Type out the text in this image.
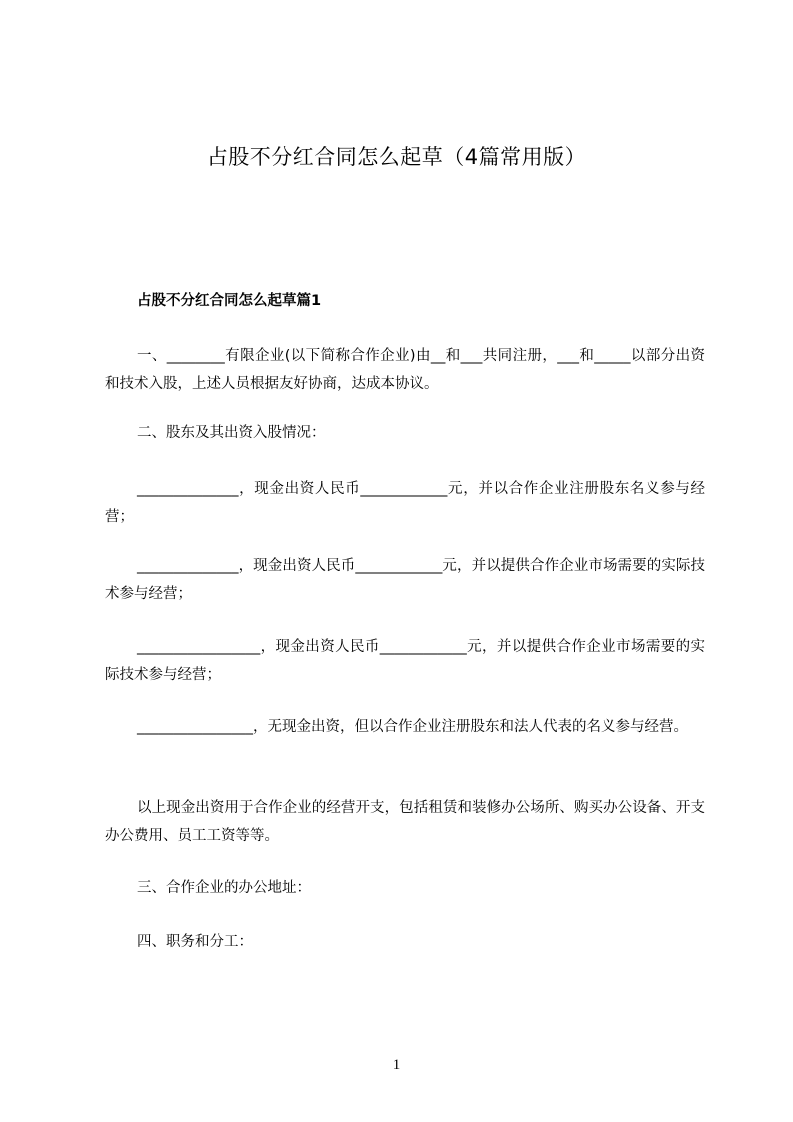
占股不分红合同怎么起草（4篇常用版）
占股不分红合同怎么起草篇1

一、________有限企业(以下简称合作企业)由__和___共同注册，___和_____以部分出资和技术入股，上述人员根据友好协商，达成本协议。

二、股东及其出资入股情况：

______________，现金出资人民币____________元，并以合作企业注册股东名义参与经营；

______________，现金出资人民币____________元，并以提供合作企业市场需要的实际技术参与经营；

_________________，现金出资人民币____________元，并以提供合作企业市场需要的实际技术参与经营；

________________，无现金出资，但以合作企业注册股东和法人代表的名义参与经营。

以上现金出资用于合作企业的经营开支，包括租赁和装修办公场所、购买办公设备、开支办公费用、员工工资等等。

三、合作企业的办公地址：

四、职务和分工：

1
